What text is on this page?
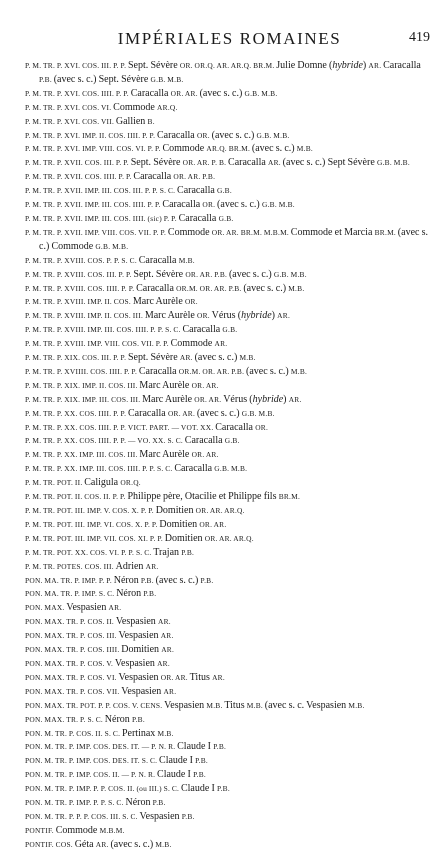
IMPÉRIALES ROMAINES	419
P. M. TR. P. XVI. COS. III. P. P. Sept. Sévère OR. OR.Q. AR. AR.Q. BR.M. Julie Domne (hybride) AR. Caracalla P.B. (avec s. c.) Sept. Sévère G.B. M.B.
P. M. TR. P. XVI. COS. IIII. P. P. Caracalla OR. AR. (avec s. c.) G.B. M.B.
P. M. TR. P. XVI. COS. VI. Commode AR.Q.
P. M. TR. P. XVI. COS. VII. Gallien B.
P. M. TR. P. XVI. IMP. II. COS. IIII. P. P. Caracalla OR. (avec s. c.) G.B. M.B.
P. M. TR. P. XVI. IMP. VIII. COS. VI. P. P. Commode AR.Q. BR.M. (avec s. c.) M.B.
P. M. TR. P. XVII. COS. III. P. P. Sept. Sévère OR. AR. P. B. Caracalla AR. (avec s. c.) Sept Sévère G.B. M.B.
P. M. TR. P. XVII. COS. IIII. P. P. Caracalla OR. AR. P.B.
P. M. TR. P. XVII. IMP. III. COS. III. P. P. S. C. Caracalla G.B.
P. M. TR. P. XVII. IMP. III. COS. IIII. P. P. Caracalla OR. (avec s. c.) G.B. M.B.
P. M. TR. P. XVII. IMP. III. COS. IIII. (sic) P. P. Caracalla G.B.
P. M. TR. P. XVII. IMP. VIII. COS. VII. P. P. Commode OR. AR. BR.M. M.B.M. Commode et Marcia BR.M. (avec s. c.) Commode G.B. M.B.
P. M. TR. P. XVIII. COS. P. P. S. C. Caracalla M.B.
P. M. TR. P. XVIII. COS. III. P. P. Sept. Sévère OR. AR. P.B. (avec s. c.) G.B. M.B.
P. M. TR. P. XVIII. COS. IIII. P. P. Caracalla OR.M. OR. AR. P.B. (avec s. c.) M.B.
P. M. TR. P. XVIII. IMP. II. COS. Marc Aurèle OR.
P. M. TR. P. XVIII. IMP. II. COS. III. Marc Aurèle OR. Vérus (hybride) AR.
P. M. TR. P. XVIII. IMP. III. COS. IIII. P. P. S. C. Caracalla G.B.
P. M. TR. P. XVIII. IMP. VIII. COS. VII. P. P. Commode AR.
P. M. TR. P. XIX. COS. III. P. P. Sept. Sévère AR. (avec s. c.) M.B.
P. M. TR. P. XVIIII. COS. IIII. P. P. Caracalla OR.M. OR. AR. P.B. (avec s. c.) M.B.
P. M. TR. P. XIX. IMP. II. COS. III. Marc Aurèle OR. AR.
P. M. TR. P. XIX. IMP. III. COS. III. Marc Aurèle OR. AR. Vérus (hybride) AR.
P. M. TR. P. XX. COS. IIII. P. P. Caracalla OR. AR. (avec s. c.) G.B. M.B.
P. M. TR. P. XX. COS. IIII. P. P. VICT. PART. — VOT. XX. Caracalla OR.
P. M. TR. P. XX. COS. IIII. P. P. — VO. XX. S. C. Caracalla G.B.
P. M. TR. P. XX. IMP. III. COS. III. Marc Aurèle OR. AR.
P. M. TR. P. XX. IMP. III. COS. IIII. P. P. S. C. Caracalla G.B. M.B.
P. M. TR. POT. II. Caligula OR.Q.
P. M. TR. POT. II. COS. II. P. P. Philippe père, Otacilie et Philippe fils BR.M.
P. M. TR. POT. III. IMP. V. COS. X. P. P. Domitien OR. AR. AR.Q.
P. M. TR. POT. III. IMP. VI. COS. X. P. P. Domitien OR. AR.
P. M. TR. POT. III. IMP. VII. COS. XI. P. P. Domitien OR. AR. AR.Q.
P. M. TR. POT. XX. COS. VI. P. P. S. C. Trajan P.B.
P. M. TR. POTES. COS. III. Adrien AR.
PON. MA. TR. P. IMP. P. P. Néron P.B. (avec s. c.) P.B.
PON. MA. TR. P. IMP. S. C. Néron P.B.
PON. MAX. Vespasien AR.
PON. MAX. TR. P. COS. II. Vespasien AR.
PON. MAX. TR. P. COS. III. Vespasien AR.
PON. MAX. TR. P. COS. IIII. Domitien AR.
PON. MAX. TR. P. COS. V. Vespasien AR.
PON. MAX. TR. P. COS. VI. Vespasien OR. AR. Titus AR.
PON. MAX. TR. P. COS. VII. Vespasien AR.
PON. MAX. TR. POT. P. P. COS. V. CENS. Vespasien M.B. Titus M.B. (avec s. c. Vespasien M.B.
PON. MAX. TR. P. S. C. Néron P.B.
PON. M. TR. P. COS. II. S. C. Pertinax M.B.
PON. M. TR. P. IMP. COS. DES. IT. — P. N. R. Claude I P.B.
PON. M. TR. P. IMP. COS. DES. IT. S. C. Claude I P.B.
PON. M. TR. P. IMP. COS. II. — P. N. R. Claude I P.B.
PON. M. TR. P. IMP. P. P. COS. II. (ou III.) S. C. Claude I P.B.
PON. M. TR. P. IMP. P. P. S. C. Néron P.B.
PON. M. TR. P. P. P. COS. III. S. C. Vespasien P.B.
PONTIF. Commode M.B.M.
PONTIF. COS. Géta AR. (avec s. c.) M.B.
